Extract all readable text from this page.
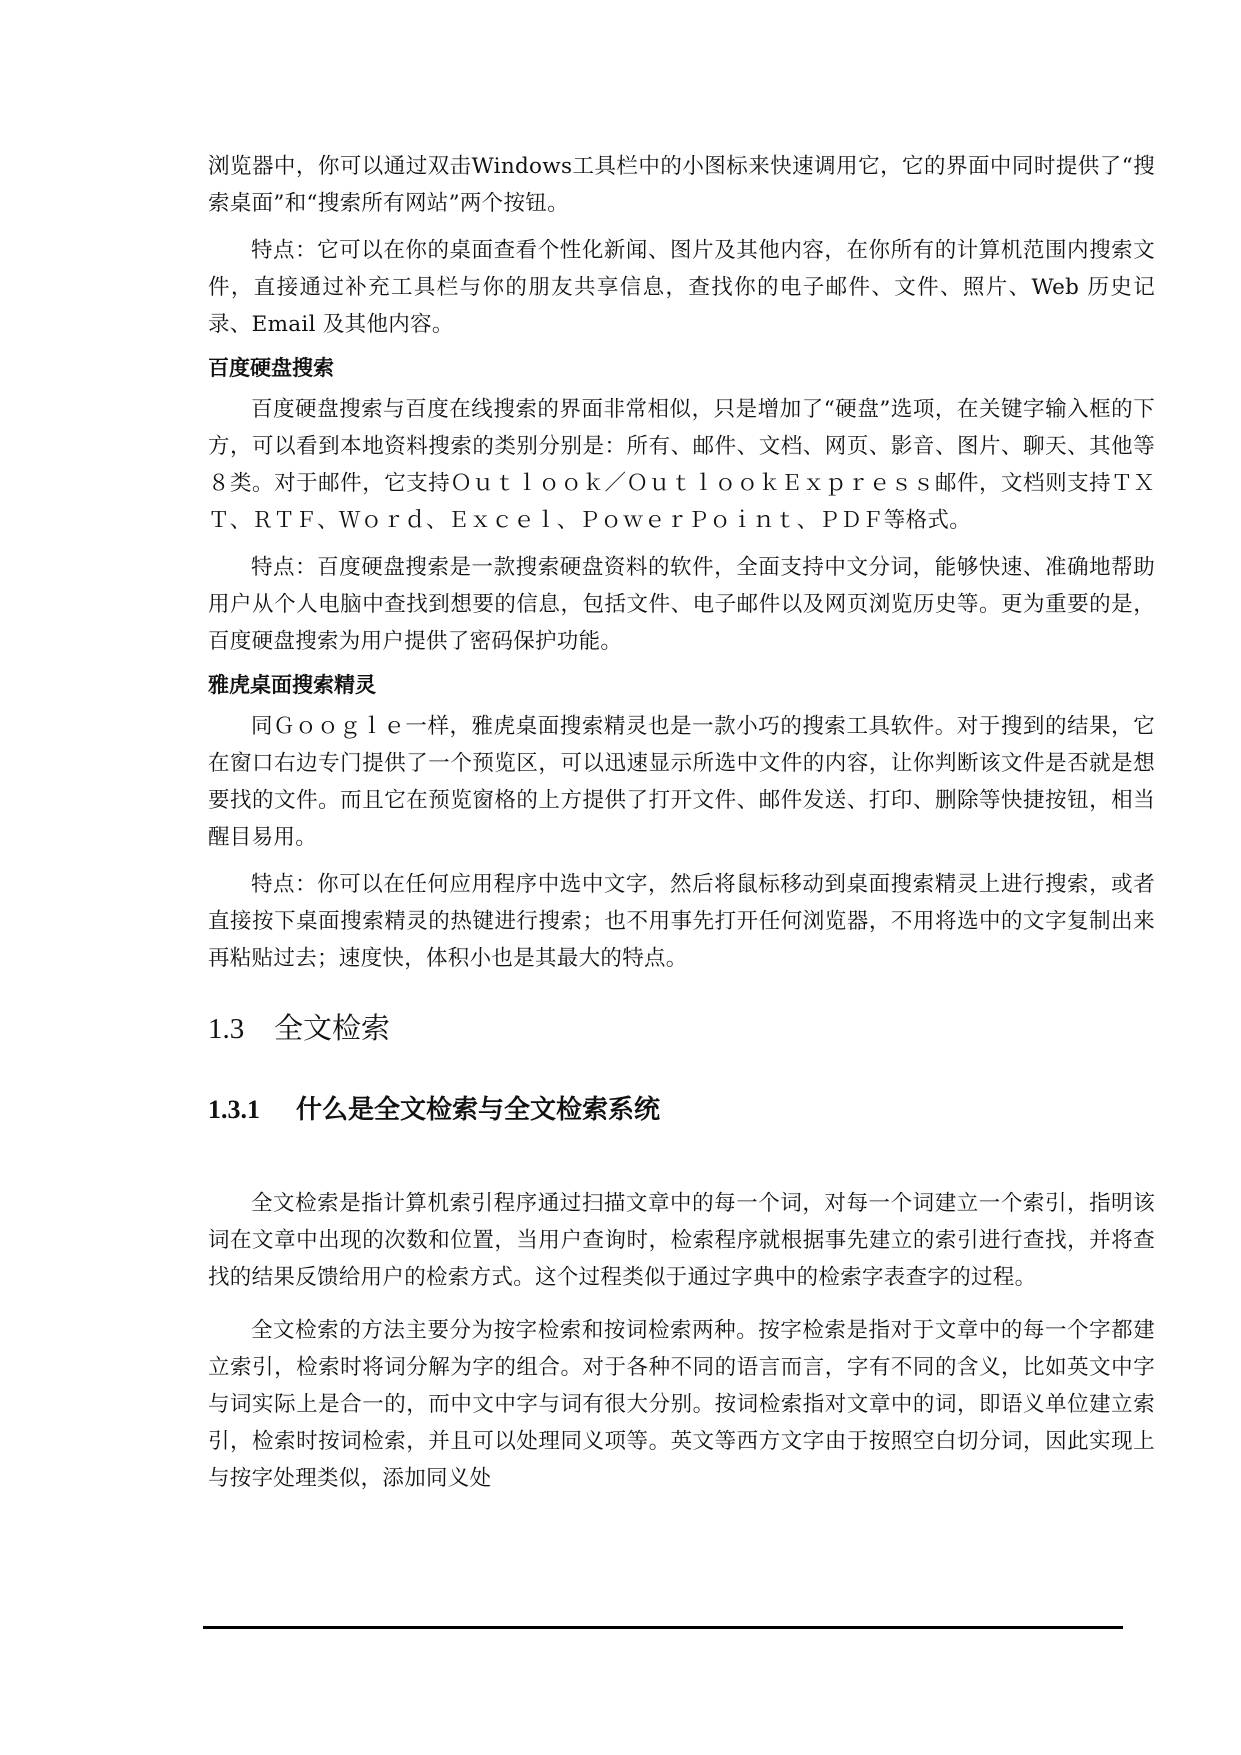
浏览器中，你可以通过双击Windows工具栏中的小图标来快速调用它，它的界面中同时提供了“搜索桌面”和“搜索所有网站”两个按钮。

特点：它可以在你的桌面查看个性化新闻、图片及其他内容，在你所有的计算机范围内搜索文件，直接通过补充工具栏与你的朋友共享信息，查找你的电子邮件、文件、照片、Web 历史记录、Email 及其他内容。

百度硬盘搜索

百度硬盘搜索与百度在线搜索的界面非常相似，只是增加了“硬盘”选项，在关键字输入框的下方，可以看到本地资料搜索的类别分别是：所有、邮件、文档、网页、影音、图片、聊天、其他等８类。对于邮件，它支持Ｏｕｔｌｏｏｋ／ＯｕｔｌｏｏｋＥｘｐｒｅｓｓ邮件，文档则支持ＴＸＴ、ＲＴＦ、Ｗｏｒｄ、Ｅｘｃｅｌ、ＰｏｗｅｒＰｏｉｎｔ、ＰＤＦ等格式。

特点：百度硬盘搜索是一款搜索硬盘资料的软件，全面支持中文分词，能够快速、准确地帮助用户从个人电脑中查找到想要的信息，包括文件、电子邮件以及网页浏览历史等。更为重要的是，百度硬盘搜索为用户提供了密码保护功能。

雅虎桌面搜索精灵

同Ｇｏｏｇｌｅ一样，雅虎桌面搜索精灵也是一款小巧的搜索工具软件。对于搜到的结果，它在窗口右边专门提供了一个预览区，可以迅速显示所选中文件的内容，让你判断该文件是否就是想要找的文件。而且它在预览窗格的上方提供了打开文件、邮件发送、打印、删除等快捷按钮，相当醒目易用。

特点：你可以在任何应用程序中选中文字，然后将鼠标移动到桌面搜索精灵上进行搜索，或者直接按下桌面搜索精灵的热键进行搜索；也不用事先打开任何浏览器，不用将选中的文字复制出来再粘贴过去；速度快，体积小也是其最大的特点。

1.3 全文检索
1.3.1 什么是全文检索与全文检索系统

全文检索是指计算机索引程序通过扫描文章中的每一个词，对每一个词建立一个索引，指明该词在文章中出现的次数和位置，当用户查询时，检索程序就根据事先建立的索引进行查找，并将查找的结果反馈给用户的检索方式。这个过程类似于通过字典中的检索字表查字的过程。

全文检索的方法主要分为按字检索和按词检索两种。按字检索是指对于文章中的每一个字都建立索引，检索时将词分解为字的组合。对于各种不同的语言而言，字有不同的含义，比如英文中字与词实际上是合一的，而中文中字与词有很大分别。按词检索指对文章中的词，即语义单位建立索引，检索时按词检索，并且可以处理同义项等。英文等西方文字由于按照空白切分词，因此实现上与按字处理类似，添加同义处
